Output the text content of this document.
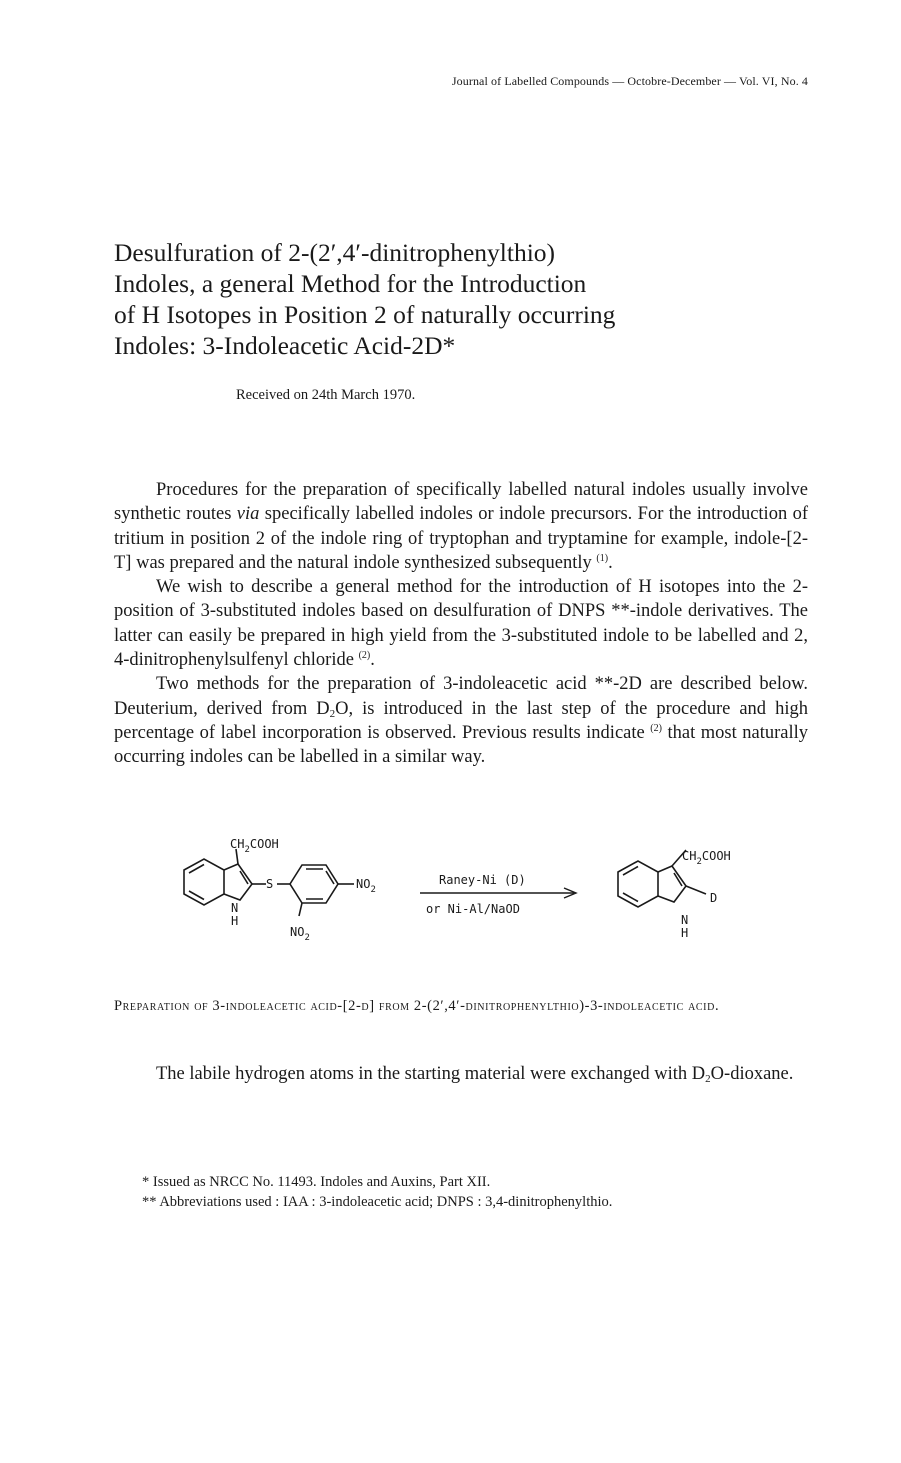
Journal of Labelled Compounds — Octobre-December — Vol. VI, No. 4
Desulfuration of 2-(2′,4′-dinitrophenylthio)
Indoles, a general Method for the Introduction
of H Isotopes in Position 2 of naturally occurring
Indoles: 3-Indoleacetic Acid-2D*
Received on 24th March 1970.

Procedures for the preparation of specifically labelled natural indoles usually involve synthetic routes via specifically labelled indoles or indole precursors. For the introduction of tritium in position 2 of the indole ring of tryptophan and tryptamine for example, indole-[2-T] was prepared and the natural indole synthesized subsequently $^{(1)}$.

We wish to describe a general method for the introduction of H isotopes into the 2-position of 3-substituted indoles based on desulfuration of DNPS **-indole derivatives. The latter can easily be prepared in high yield from the 3-substituted indole to be labelled and 2, 4-dinitrophenylsulfenyl chloride $^{(2)}$.

Two methods for the preparation of 3-indoleacetic acid **-2D are described below. Deuterium, derived from $D_2O$, is introduced in the last step of the procedure and high percentage of label incorporation is observed. Previous results indicate $^{(2)}$ that most naturally occurring indoles can be labelled in a similar way.

$CH_2COOH$
S
N
H
$NO_2$
$NO_2$
Raney-Ni (D)
or Ni-Al/NaOD
$CH_2COOH$
D
N
H

Preparation of 3-indoleacetic acid-[2-d] from 2-(2′,4′-dinitrophenylthio)-3-indoleacetic acid.

The labile hydrogen atoms in the starting material were exchanged with $D_2O$-dioxane.

* Issued as NRCC No. 11493. Indoles and Auxins, Part XII.
** Abbreviations used : IAA : 3-indoleacetic acid; DNPS : 3,4-dinitrophenylthio.
